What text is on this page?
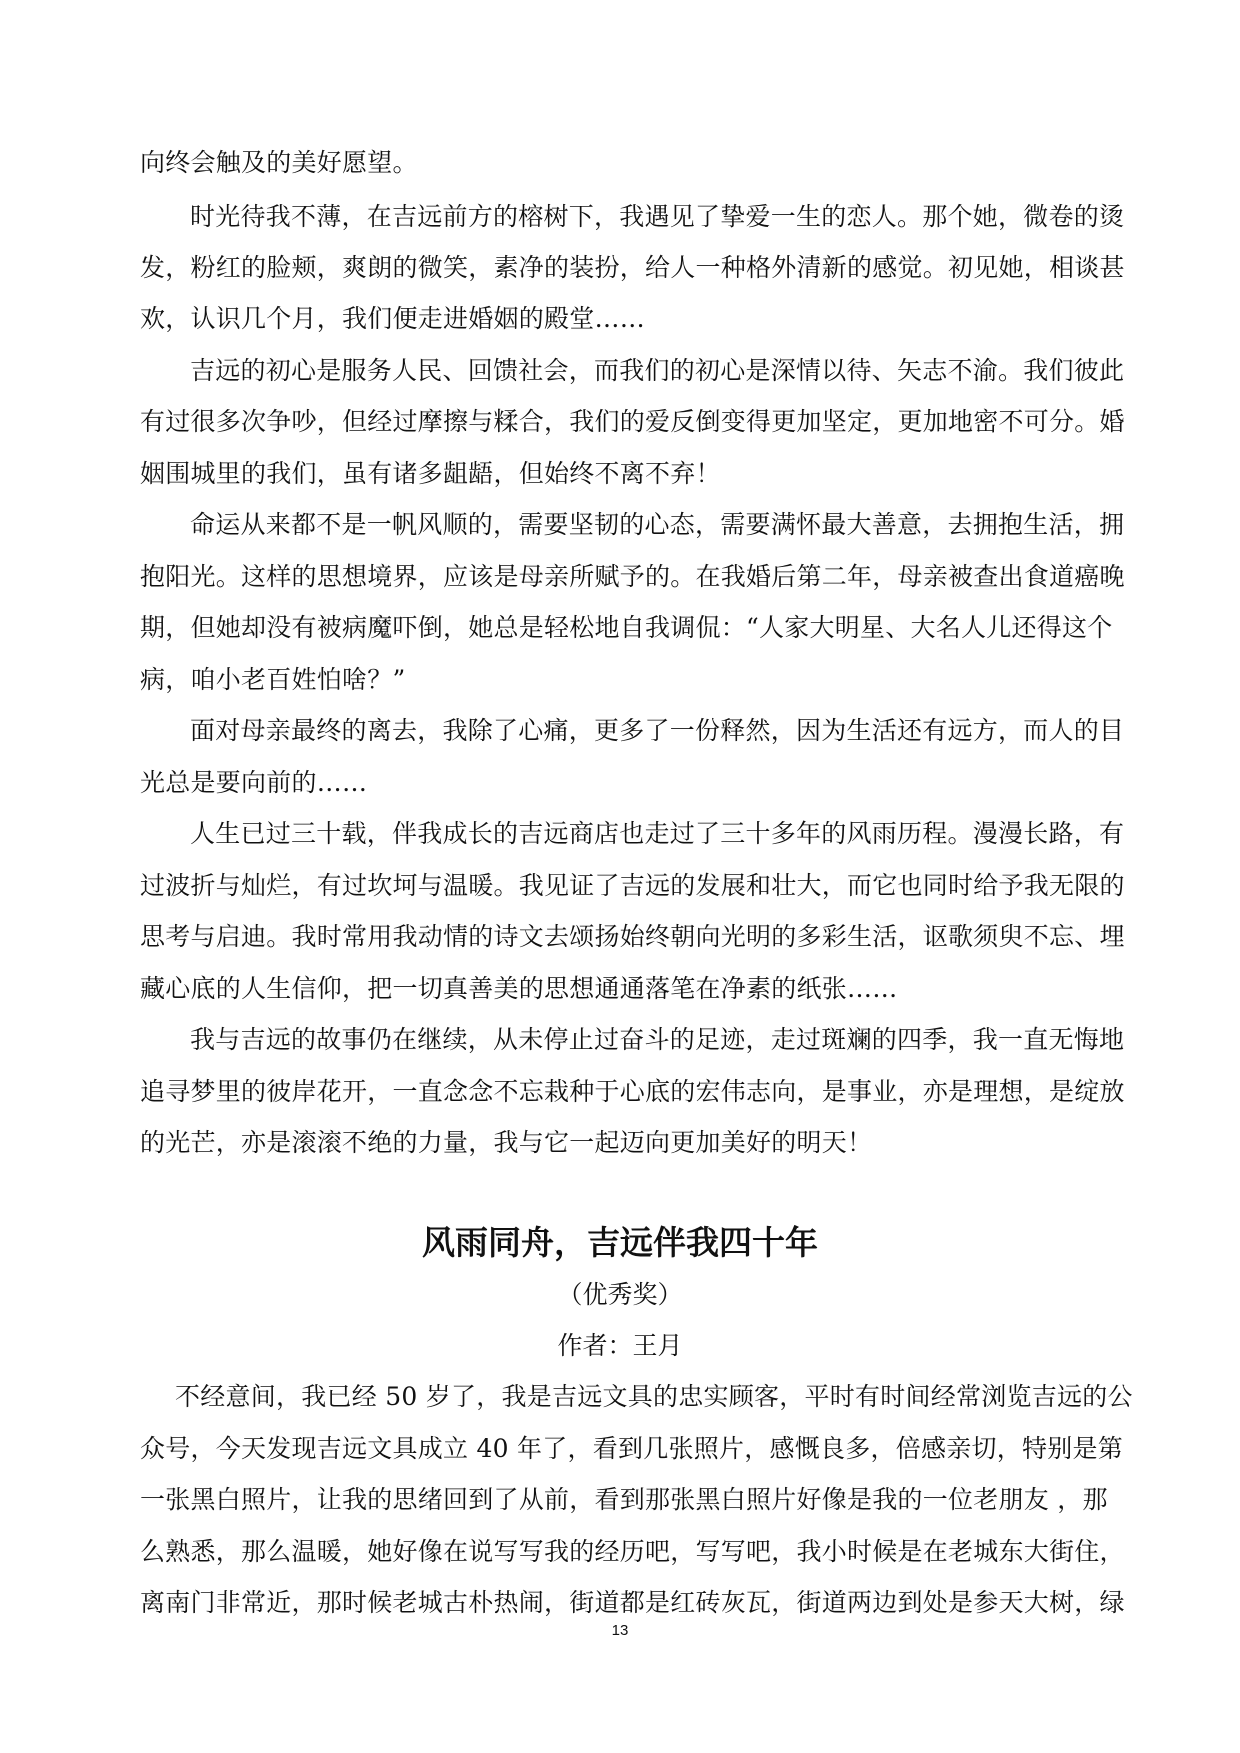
向终会触及的美好愿望。
时光待我不薄，在吉远前方的榕树下，我遇见了挚爱一生的恋人。那个她，微卷的烫
发，粉红的脸颊，爽朗的微笑，素净的装扮，给人一种格外清新的感觉。初见她，相谈甚
欢，认识几个月，我们便走进婚姻的殿堂……
吉远的初心是服务人民、回馈社会，而我们的初心是深情以待、矢志不渝。我们彼此
有过很多次争吵，但经过摩擦与糅合，我们的爱反倒变得更加坚定，更加地密不可分。婚
姻围城里的我们，虽有诸多龃龉，但始终不离不弃！
命运从来都不是一帆风顺的，需要坚韧的心态，需要满怀最大善意，去拥抱生活，拥
抱阳光。这样的思想境界，应该是母亲所赋予的。在我婚后第二年，母亲被查出食道癌晚
期，但她却没有被病魔吓倒，她总是轻松地自我调侃：“人家大明星、大名人儿还得这个
病，咱小老百姓怕啥？”
面对母亲最终的离去，我除了心痛，更多了一份释然，因为生活还有远方，而人的目
光总是要向前的……
人生已过三十载，伴我成长的吉远商店也走过了三十多年的风雨历程。漫漫长路，有
过波折与灿烂，有过坎坷与温暖。我见证了吉远的发展和壮大，而它也同时给予我无限的
思考与启迪。我时常用我动情的诗文去颂扬始终朝向光明的多彩生活，讴歌须臾不忘、埋
藏心底的人生信仰，把一切真善美的思想通通落笔在净素的纸张……
我与吉远的故事仍在继续，从未停止过奋斗的足迹，走过斑斓的四季，我一直无悔地
追寻梦里的彼岸花开，一直念念不忘栽种于心底的宏伟志向，是事业，亦是理想，是绽放
的光芒，亦是滚滚不绝的力量，我与它一起迈向更加美好的明天！
风雨同舟，吉远伴我四十年
（优秀奖）
作者：王月
不经意间，我已经 50 岁了，我是吉远文具的忠实顾客，平时有时间经常浏览吉远的公
众号，今天发现吉远文具成立 40 年了，看到几张照片，感慨良多，倍感亲切，特别是第
一张黑白照片，让我的思绪回到了从前，看到那张黑白照片好像是我的一位老朋友 ，那
么熟悉，那么温暖，她好像在说写写我的经历吧，写写吧，我小时候是在老城东大街住，
离南门非常近，那时候老城古朴热闹，街道都是红砖灰瓦，街道两边到处是参天大树，绿
13
